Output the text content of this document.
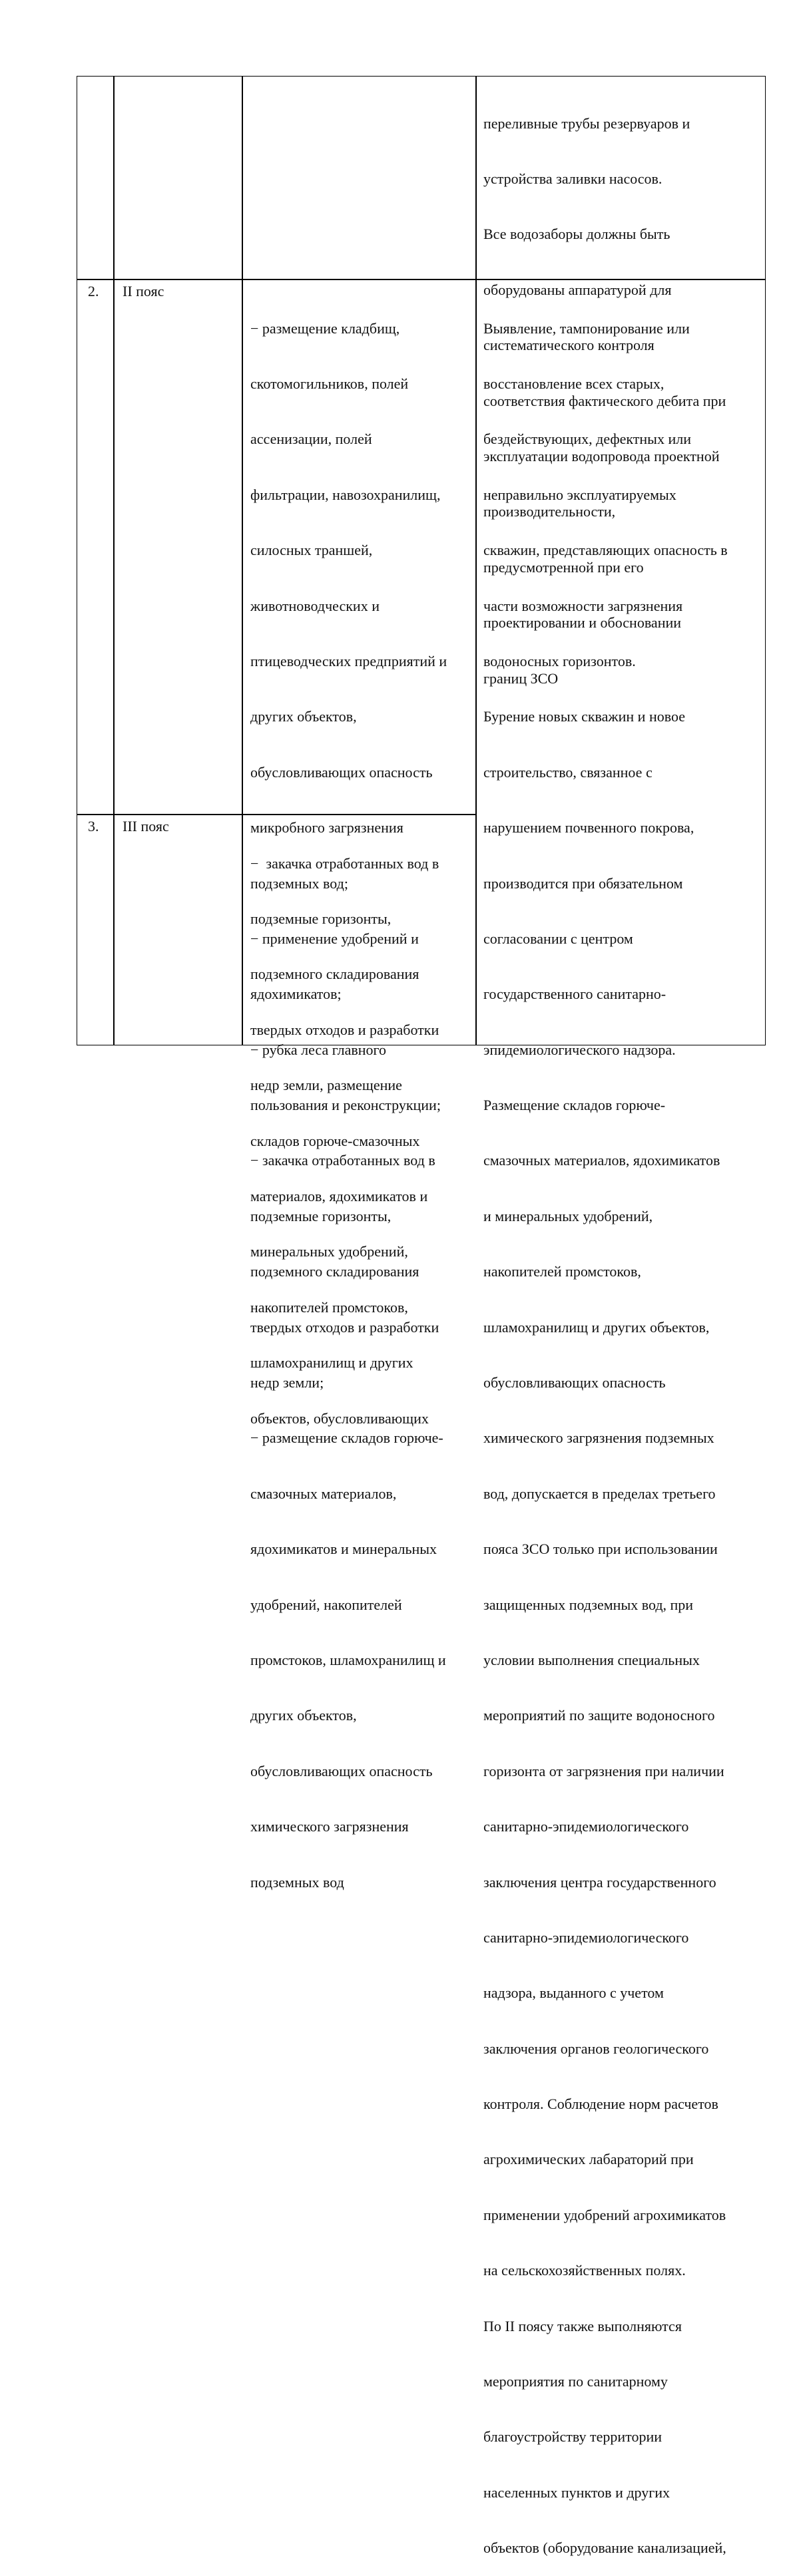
переливные трубы резервуаров и

устройства заливки насосов.

Все водозаборы должны быть

оборудованы аппаратурой для

систематического контроля

соответствия фактического дебита при

эксплуатации водопровода проектной

производительности,

предусмотренной при его

проектировании и обосновании

границ ЗСО

2. II пояс

− размещение кладбищ,

скотомогильников, полей

ассенизации, полей

фильтрации, навозохранилищ,

силосных траншей,

животноводческих и

птицеводческих предприятий и

других объектов,

обусловливающих опасность

микробного загрязнения

подземных вод;

− применение удобрений и

ядохимикатов;

− рубка леса главного

пользования и реконструкции;

− закачка отработанных вод в

подземные горизонты,

подземного складирования

твердых отходов и разработки

недр земли;

− размещение складов горюче-

смазочных материалов,

ядохимикатов и минеральных

удобрений, накопителей

промстоков, шламохранилищ и

других объектов,

обусловливающих опасность

химического загрязнения

подземных вод

3. III пояс

−  закачка отработанных вод в

подземные горизонты,

подземного складирования

твердых отходов и разработки

недр земли, размещение

складов горюче-смазочных

материалов, ядохимикатов и

минеральных удобрений,

накопителей промстоков,

шламохранилищ и других

объектов, обусловливающих

Выявление, тампонирование или

восстановление всех старых,

бездействующих, дефектных или

неправильно эксплуатируемых

скважин, представляющих опасность в

части возможности загрязнения

водоносных горизонтов.

Бурение новых скважин и новое

строительство, связанное с

нарушением почвенного покрова,

производится при обязательном

согласовании с центром

государственного санитарно-

эпидемиологического надзора.

Размещение складов горюче-

смазочных материалов, ядохимикатов

и минеральных удобрений,

накопителей промстоков,

шламохранилищ и других объектов,

обусловливающих опасность

химического загрязнения подземных

вод, допускается в пределах третьего

пояса ЗСО только при использовании

защищенных подземных вод, при

условии выполнения специальных

мероприятий по защите водоносного

горизонта от загрязнения при наличии

санитарно-эпидемиологического

заключения центра государственного

санитарно-эпидемиологического

надзора, выданного с учетом

заключения органов геологического

контроля. Соблюдение норм расчетов

агрохимических лабараторий при

применении удобрений агрохимикатов

на сельскохозяйственных полях.

По II поясу также выполняются

мероприятия по санитарному

благоустройству территории

населенных пунктов и других

объектов (оборудование канализацией,
